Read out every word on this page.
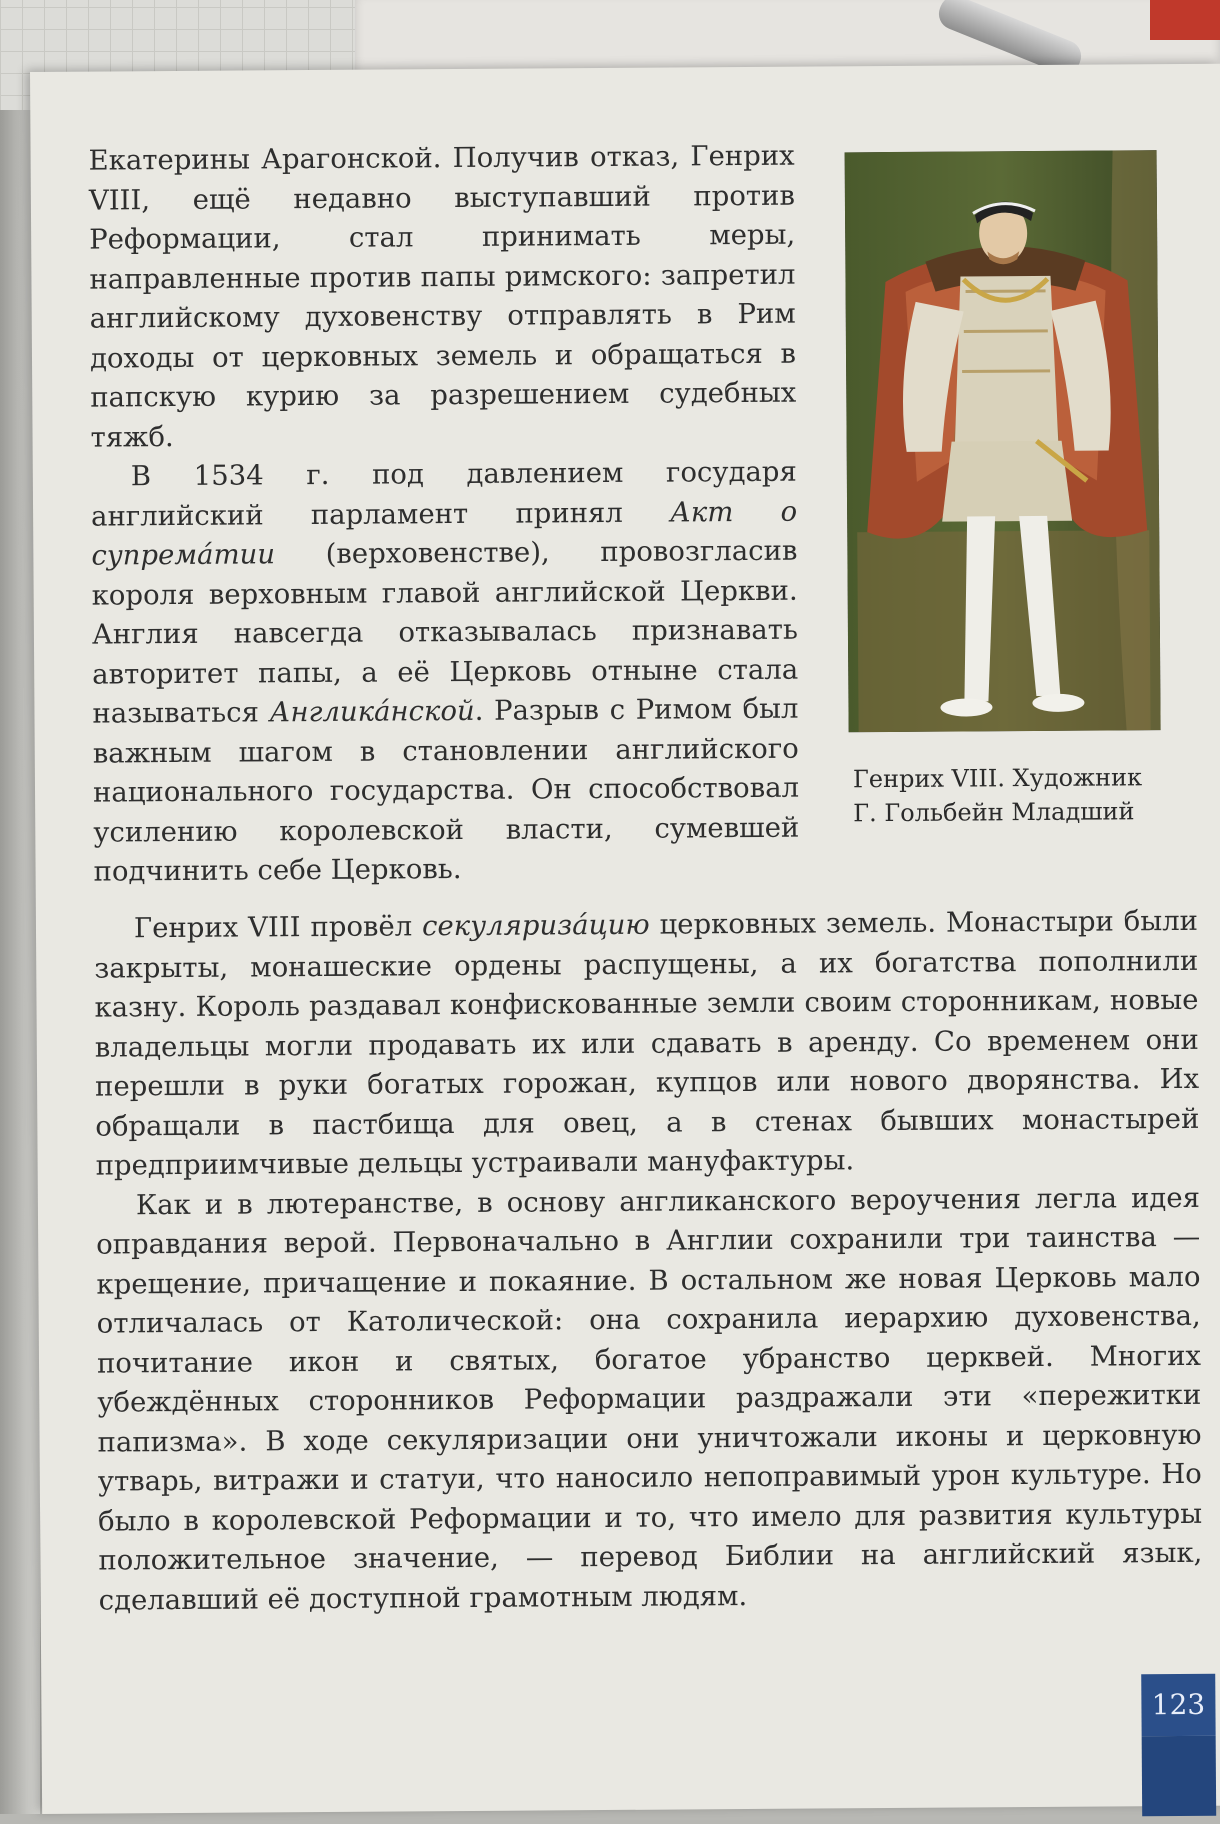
Екатерины Арагонской. Получив отказ, Генрих VIII, ещё недавно выступавший против Реформации, стал принимать меры, направленные против папы римского: запретил английскому духовенству отправлять в Рим доходы от церковных земель и обращаться в папскую курию за разрешением судебных тяжб.

В 1534 г. под давлением государя английский парламент принял Акт о супрема́тии (верховенстве), провозгласив короля верховным главой английской Церкви. Англия навсегда отказывалась признавать авторитет папы, а её Церковь отныне стала называться Англика́нской. Разрыв с Римом был важным шагом в становлении английского национального государства. Он способствовал усилению королевской власти, сумевшей подчинить себе Церковь.

Генрих VIII. Художник
Г. Гольбейн Младший

Генрих VIII провёл секуляриза́цию церковных земель. Монастыри были закрыты, монашеские ордены распущены, а их богатства пополнили казну. Король раздавал конфискованные земли своим сторонникам, новые владельцы могли продавать их или сдавать в аренду. Со временем они перешли в руки богатых горожан, купцов или нового дворянства. Их обращали в пастбища для овец, а в стенах бывших монастырей предприимчивые дельцы устраивали мануфактуры.

Как и в лютеранстве, в основу англиканского вероучения легла идея оправдания верой. Первоначально в Англии сохранили три таинства — крещение, причащение и покаяние. В остальном же новая Церковь мало отличалась от Католической: она сохранила иерархию духовенства, почитание икон и святых, богатое убранство церквей. Многих убеждённых сторонников Реформации раздражали эти «пережитки папизма». В ходе секуляризации они уничтожали иконы и церковную утварь, витражи и статуи, что наносило непоправимый урон культуре. Но было в королевской Реформации и то, что имело для развития культуры положительное значение, — перевод Библии на английский язык, сделавший её доступной грамотным людям.

123
